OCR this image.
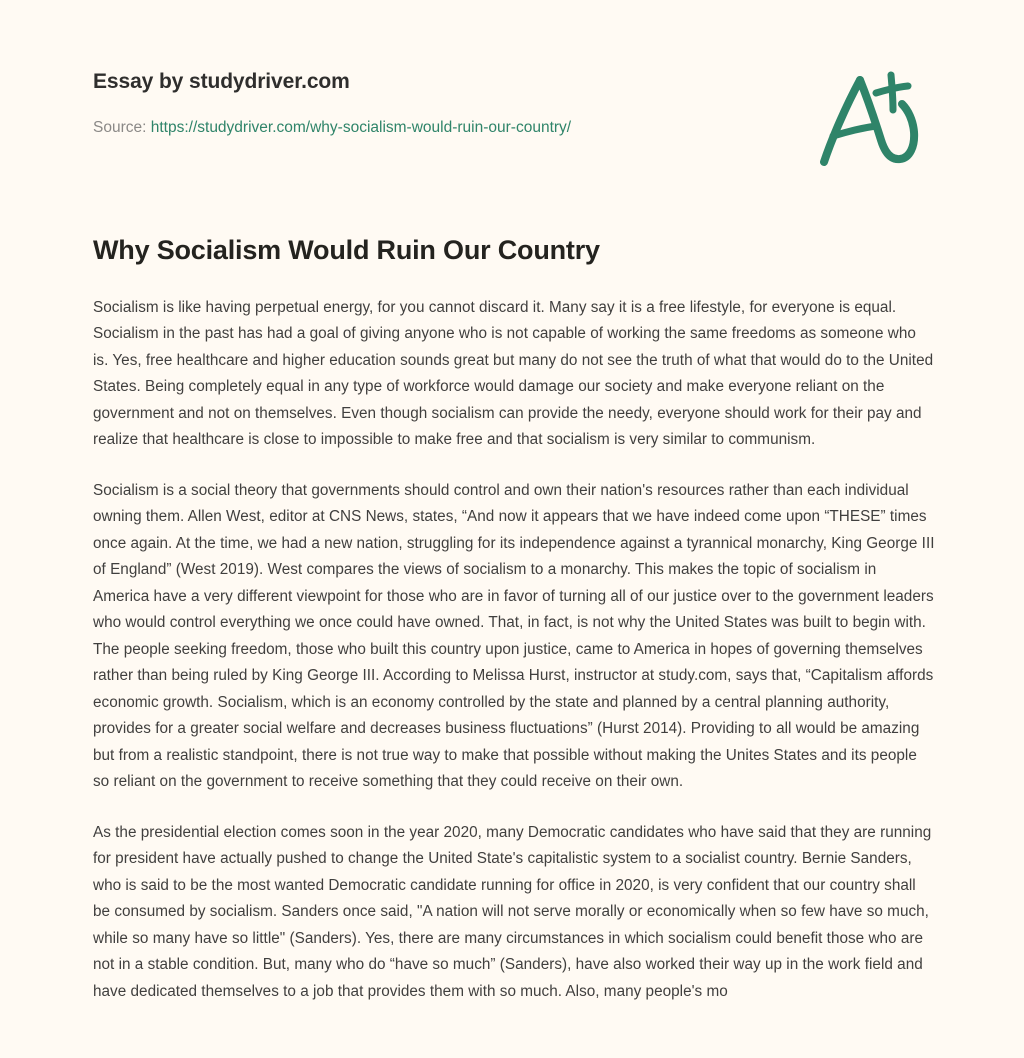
Essay by studydriver.com
Source: https://studydriver.com/why-socialism-would-ruin-our-country/
Why Socialism Would Ruin Our Country

Socialism is like having perpetual energy, for you cannot discard it. Many say it is a free lifestyle, for everyone is equal. Socialism in the past has had a goal of giving anyone who is not capable of working the same freedoms as someone who is. Yes, free healthcare and higher education sounds great but many do not see the truth of what that would do to the United States. Being completely equal in any type of workforce would damage our society and make everyone reliant on the government and not on themselves. Even though socialism can provide the needy, everyone should work for their pay and realize that healthcare is close to impossible to make free and that socialism is very similar to communism.

Socialism is a social theory that governments should control and own their nation's resources rather than each individual owning them. Allen West, editor at CNS News, states, “And now it appears that we have indeed come upon “THESE” times once again. At the time, we had a new nation, struggling for its independence against a tyrannical monarchy, King George III of England” (West 2019). West compares the views of socialism to a monarchy. This makes the topic of socialism in America have a very different viewpoint for those who are in favor of turning all of our justice over to the government leaders who would control everything we once could have owned. That, in fact, is not why the United States was built to begin with. The people seeking freedom, those who built this country upon justice, came to America in hopes of governing themselves rather than being ruled by King George III. According to Melissa Hurst, instructor at study.com, says that, “Capitalism affords economic growth. Socialism, which is an economy controlled by the state and planned by a central planning authority, provides for a greater social welfare and decreases business fluctuations” (Hurst 2014). Providing to all would be amazing but from a realistic standpoint, there is not true way to make that possible without making the Unites States and its people so reliant on the government to receive something that they could receive on their own.

As the presidential election comes soon in the year 2020, many Democratic candidates who have said that they are running for president have actually pushed to change the United State's capitalistic system to a socialist country. Bernie Sanders, who is said to be the most wanted Democratic candidate running for office in 2020, is very confident that our country shall be consumed by socialism. Sanders once said, "A nation will not serve morally or economically when so few have so much, while so many have so little" (Sanders). Yes, there are many circumstances in which socialism could benefit those who are not in a stable condition. But, many who do “have so much” (Sanders), have also worked their way up in the work field and have dedicated themselves to a job that provides them with so much. Also, many people's mo
